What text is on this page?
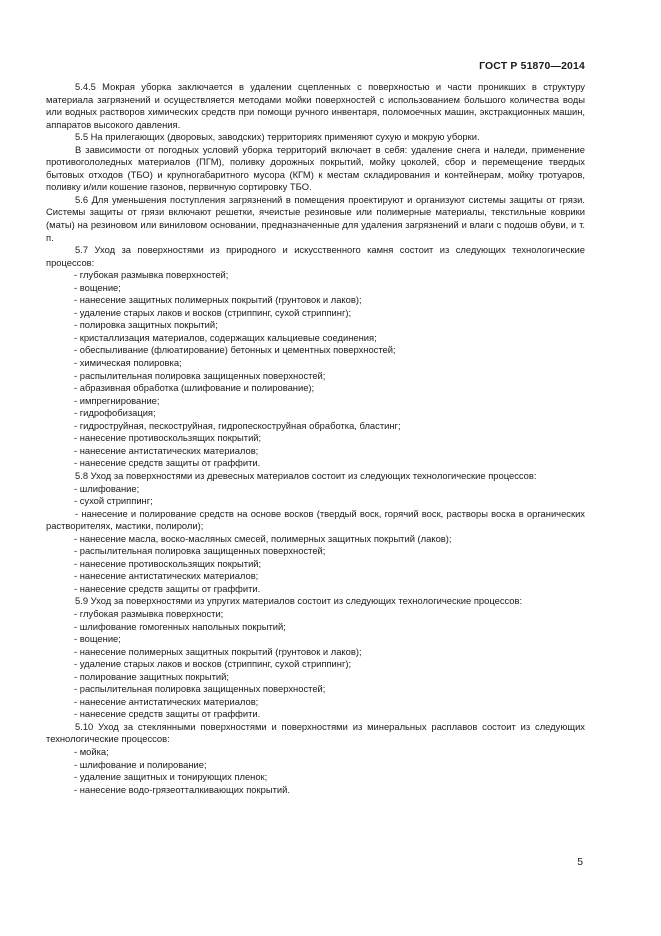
ГОСТ Р 51870—2014

5.4.5 Мокрая уборка заключается в удалении сцепленных с поверхностью и части проникших в структуру материала загрязнений и осуществляется методами мойки поверхностей с использованием большого количества воды или водных растворов химических средств при помощи ручного инвентаря, поломоечных машин, экстракционных машин, аппаратов высокого давления.

5.5 На прилегающих (дворовых, заводских) территориях применяют сухую и мокрую уборки.

В зависимости от погодных условий уборка территорий включает в себя: удаление снега и наледи, применение противогололедных материалов (ПГМ), поливку дорожных покрытий, мойку цоколей, сбор и перемещение твердых бытовых отходов (ТБО) и крупногабаритного мусора (КГМ) к местам складирования и контейнерам, мойку тротуаров, поливку и/или кошение газонов, первичную сортировку ТБО.

5.6 Для уменьшения поступления загрязнений в помещения проектируют и организуют системы защиты от грязи. Системы защиты от грязи включают решетки, ячеистые резиновые или полимерные материалы, текстильные коврики (маты) на резиновом или виниловом основании, предназначенные для удаления загрязнений и влаги с подошв обуви, и т. п.

5.7 Уход за поверхностями из природного и искусственного камня состоит из следующих технологические процессов:

- глубокая размывка поверхностей;
- вощение;
- нанесение защитных полимерных покрытий (грунтовок и лаков);
- удаление старых лаков и восков (стриппинг, сухой стриппинг);
- полировка защитных покрытий;
- кристаллизация материалов, содержащих кальциевые соединения;
- обеспыливание (флюатирование) бетонных и цементных поверхностей;
- химическая полировка;
- распылительная полировка защищенных поверхностей;
- абразивная обработка (шлифование и полирование);
- импрегнирование;
- гидрофобизация;
- гидроструйная, пескоструйная, гидропескоструйная обработка, бластинг;
- нанесение противоскользящих покрытий;
- нанесение антистатических материалов;
- нанесение средств защиты от граффити.

5.8 Уход за поверхностями из древесных материалов состоит из следующих технологические процессов:

- шлифование;
- сухой стриппинг;

- нанесение и полирование средств на основе восков (твердый воск, горячий воск, растворы воска в органических растворителях, мастики, полироли);

- нанесение масла, воско-масляных смесей, полимерных защитных покрытий (лаков);
- распылительная полировка защищенных поверхностей;
- нанесение противоскользящих покрытий;
- нанесение антистатических материалов;
- нанесение средств защиты от граффити.

5.9 Уход за поверхностями из упругих материалов состоит из следующих технологические процессов:

- глубокая размывка поверхности;
- шлифование гомогенных напольных покрытий;
- вощение;
- нанесение полимерных защитных покрытий (грунтовок и лаков);
- удаление старых лаков и восков (стриппинг, сухой стриппинг);
- полирование защитных покрытий;
- распылительная полировка защищенных поверхностей;
- нанесение антистатических материалов;
- нанесение средств защиты от граффити.

5.10 Уход за стеклянными поверхностями и поверхностями из минеральных расплавов состоит из следующих технологические процессов:

- мойка;
- шлифование и полирование;
- удаление защитных и тонирующих пленок;
- нанесение водо-грязеотталкивающих покрытий.
5
